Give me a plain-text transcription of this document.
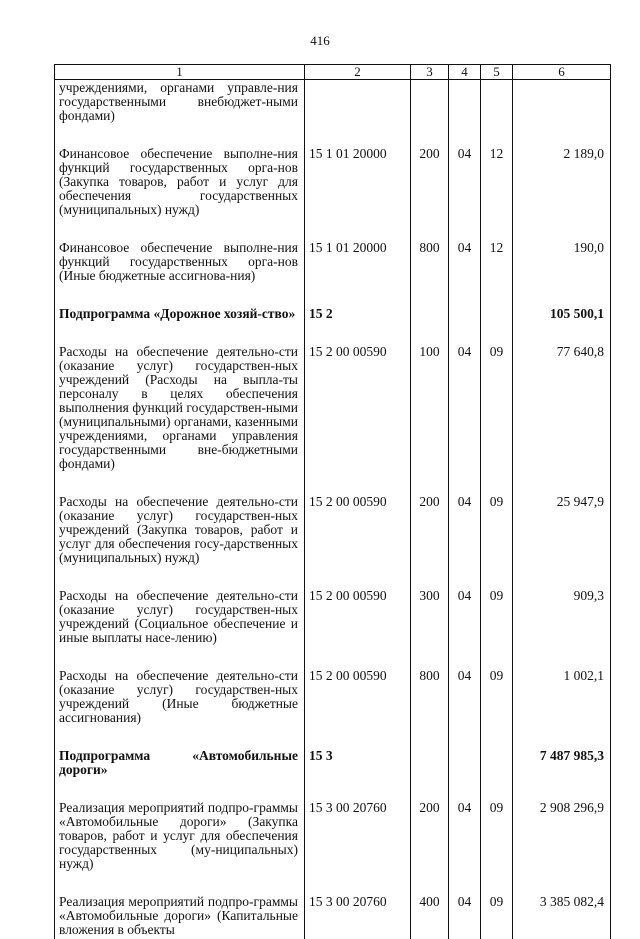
416
1	2	3	4	5	6
учреждениями, органами управле-ния государственными внебюджет-ными фондами)					
Финансовое обеспечение выполне-ния функций государственных орга-нов (Закупка товаров, работ и услуг для обеспечения государственных (муниципальных) нужд)	15 1 01 20000	200	04	12	2 189,0
Финансовое обеспечение выполне-ния функций государственных орга-нов (Иные бюджетные ассигнова-ния)	15 1 01 20000	800	04	12	190,0
Подпрограмма «Дорожное хозяй-ство»	15 2				105 500,1
Расходы на обеспечение деятельно-сти (оказание услуг) государствен-ных учреждений (Расходы на выпла-ты персоналу в целях обеспечения выполнения функций государствен-ными (муниципальными) органами, казенными учреждениями, органами управления государственными вне-бюджетными фондами)	15 2 00 00590	100	04	09	77 640,8
Расходы на обеспечение деятельно-сти (оказание услуг) государствен-ных учреждений (Закупка товаров, работ и услуг для обеспечения госу-дарственных (муниципальных) нужд)	15 2 00 00590	200	04	09	25 947,9
Расходы на обеспечение деятельно-сти (оказание услуг) государствен-ных учреждений (Социальное обеспечение и иные выплаты насе-лению)	15 2 00 00590	300	04	09	909,3
Расходы на обеспечение деятельно-сти (оказание услуг) государствен-ных учреждений (Иные бюджетные ассигнования)	15 2 00 00590	800	04	09	1 002,1
Подпрограмма «Автомобильные дороги»	15 3				7 487 985,3
Реализация мероприятий подпро-граммы «Автомобильные дороги» (Закупка товаров, работ и услуг для обеспечения государственных (му-ниципальных) нужд)	15 3 00 20760	200	04	09	2 908 296,9
Реализация мероприятий подпро-граммы «Автомобильные дороги» (Капитальные вложения в объекты	15 3 00 20760	400	04	09	3 385 082,4
